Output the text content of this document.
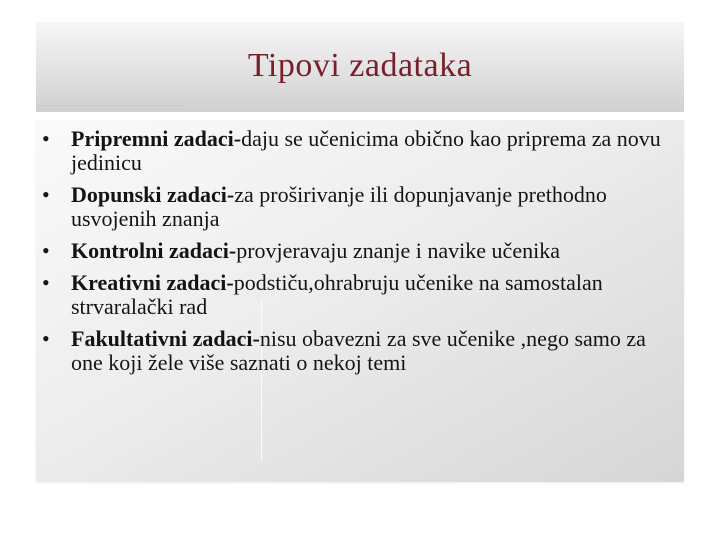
Tipovi zadataka
• Pripremni zadaci-daju se učenicima obično kao priprema za novu jedinicu
• Dopunski zadaci-za proširivanje ili dopunjavanje prethodno usvojenih znanja
• Kontrolni zadaci-provjeravaju znanje i navike učenika
• Kreativni zadaci-podstiču,ohrabruju učenike na samostalan strvaralački rad
• Fakultativni zadaci-nisu obavezni za sve učenike ,nego samo za one koji žele više saznati o nekoj temi
